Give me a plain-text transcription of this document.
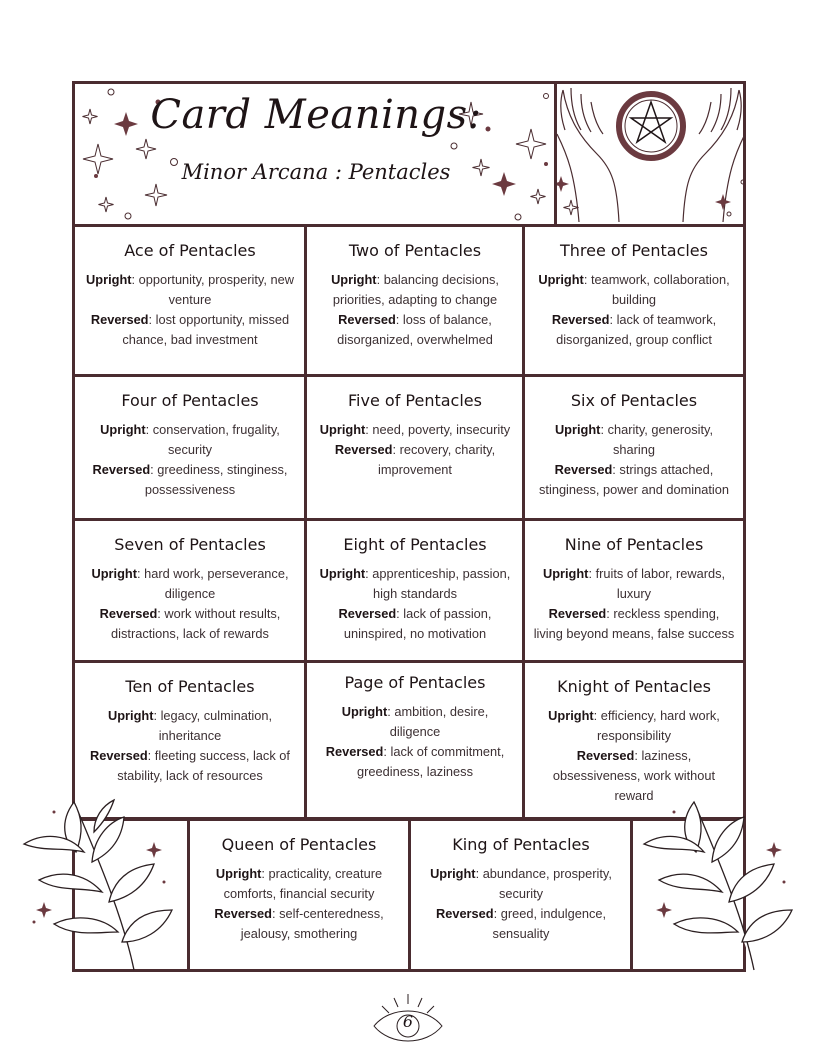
Card Meanings:
Minor Arcana : Pentacles
Ace of Pentacles

Upright: opportunity, prosperity, new venture

Reversed: lost opportunity, missed chance, bad investment

Two of Pentacles

Upright: balancing decisions, priorities, adapting to change

Reversed: loss of balance, disorganized, overwhelmed

Three of Pentacles

Upright: teamwork, collaboration, building

Reversed: lack of teamwork, disorganized, group conflict

Four of Pentacles

Upright: conservation, frugality, security

Reversed: greediness, stinginess, possessiveness

Five of Pentacles

Upright: need, poverty, insecurity

Reversed: recovery, charity, improvement

Six of Pentacles

Upright: charity, generosity, sharing

Reversed: strings attached, stinginess, power and domination

Seven of Pentacles

Upright: hard work, perseverance, diligence

Reversed: work without results, distractions, lack of rewards

Eight of Pentacles

Upright: apprenticeship, passion, high standards

Reversed: lack of passion, uninspired, no motivation

Nine of Pentacles

Upright: fruits of labor, rewards, luxury

Reversed: reckless spending, living beyond means, false success

Ten of Pentacles

Upright: legacy, culmination, inheritance

Reversed: fleeting success, lack of stability, lack of resources

Page of Pentacles

Upright: ambition, desire, diligence

Reversed: lack of commitment, greediness, laziness

Knight of Pentacles

Upright: efficiency, hard work, responsibility

Reversed: laziness, obsessiveness, work without reward

Queen of Pentacles

Upright: practicality, creature comforts, financial security

Reversed: self-centeredness, jealousy, smothering

King of Pentacles

Upright: abundance, prosperity, security

Reversed: greed, indulgence, sensuality

6
